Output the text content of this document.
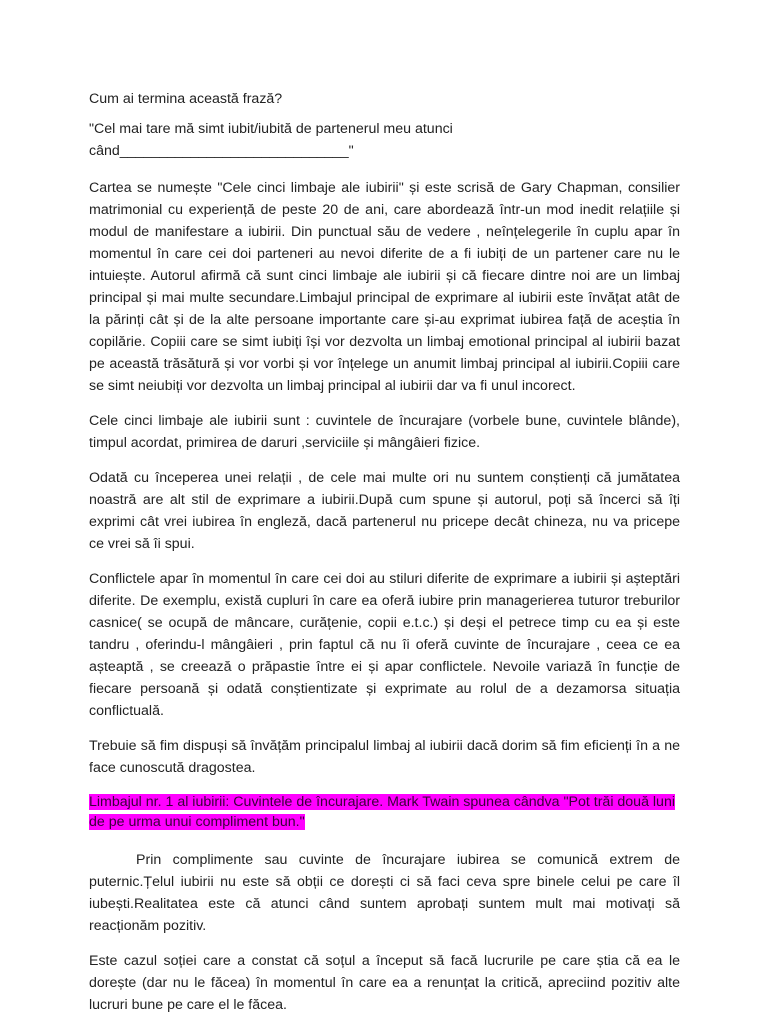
Cum ai termina această frază?

"Cel mai tare mă simt iubit/iubită de partenerul meu atunci
când_____________________________"

Cartea se numește "Cele cinci limbaje ale iubirii" și este scrisă de Gary Chapman, consilier matrimonial cu experiență de peste 20 de ani, care abordează într-un mod inedit relațiile și modul de manifestare a iubirii. Din punctual său de vedere , neînțelegerile în cuplu apar în momentul în care cei doi parteneri au nevoi diferite de a fi iubiți de un partener care nu le intuiește. Autorul afirmă că sunt cinci limbaje ale iubirii și că fiecare dintre noi are un limbaj principal și mai multe secundare.Limbajul principal de exprimare al iubirii este învățat atât de la părinți cât și de la alte persoane importante care și-au exprimat iubirea față de aceștia în copilărie. Copiii care se simt iubiți își vor dezvolta un limbaj emotional principal al iubirii bazat pe această trăsătură și vor vorbi și vor înțelege un anumit limbaj principal al iubirii.Copiii care se simt neiubiți vor dezvolta un limbaj principal al iubirii dar va fi unul incorect.

Cele cinci limbaje ale iubirii sunt : cuvintele de încurajare (vorbele bune, cuvintele blânde), timpul acordat, primirea de daruri ,serviciile și mângâieri fizice.

Odată cu începerea unei relații , de cele mai multe ori nu suntem conștienți că jumătatea noastră are alt stil de exprimare a iubirii.După cum spune și autorul, poți să încerci să îți exprimi cât vrei iubirea în engleză, dacă partenerul nu pricepe decât chineza, nu va pricepe ce vrei să îi spui.

Conflictele apar în momentul în care cei doi au stiluri diferite de exprimare a iubirii și așteptări diferite. De exemplu, există cupluri în care ea oferă iubire prin managerierea tuturor treburilor casnice( se ocupă de mâncare, curățenie, copii e.t.c.) și deși el petrece timp cu ea și este tandru , oferindu-l mângâieri , prin faptul că nu îi oferă cuvinte de încurajare , ceea ce ea așteaptă , se creează o prăpastie între ei și apar conflictele. Nevoile variază în funcție de fiecare persoană și odată conștientizate și exprimate au rolul de a dezamorsa situația conflictuală.

Trebuie să fim dispuși să învățăm principalul limbaj al iubirii dacă dorim să fim eficienți în a ne face cunoscută dragostea.

Limbajul nr. 1 al iubirii: Cuvintele de încurajare. Mark Twain spunea cândva "Pot trăi două luni de pe urma unui compliment bun."

Prin complimente sau cuvinte de încurajare iubirea se comunică extrem de puternic.Țelul iubirii nu este să obții ce dorești ci să faci ceva spre binele celui pe care îl iubești.Realitatea este că atunci când suntem aprobați suntem mult mai motivați să reacționăm pozitiv.

Este cazul soției care a constat că soțul a început să facă lucrurile pe care știa că ea le dorește (dar nu le făcea) în momentul în care ea a renunțat la critică, apreciind pozitiv alte lucruri bune pe care el le făcea.
